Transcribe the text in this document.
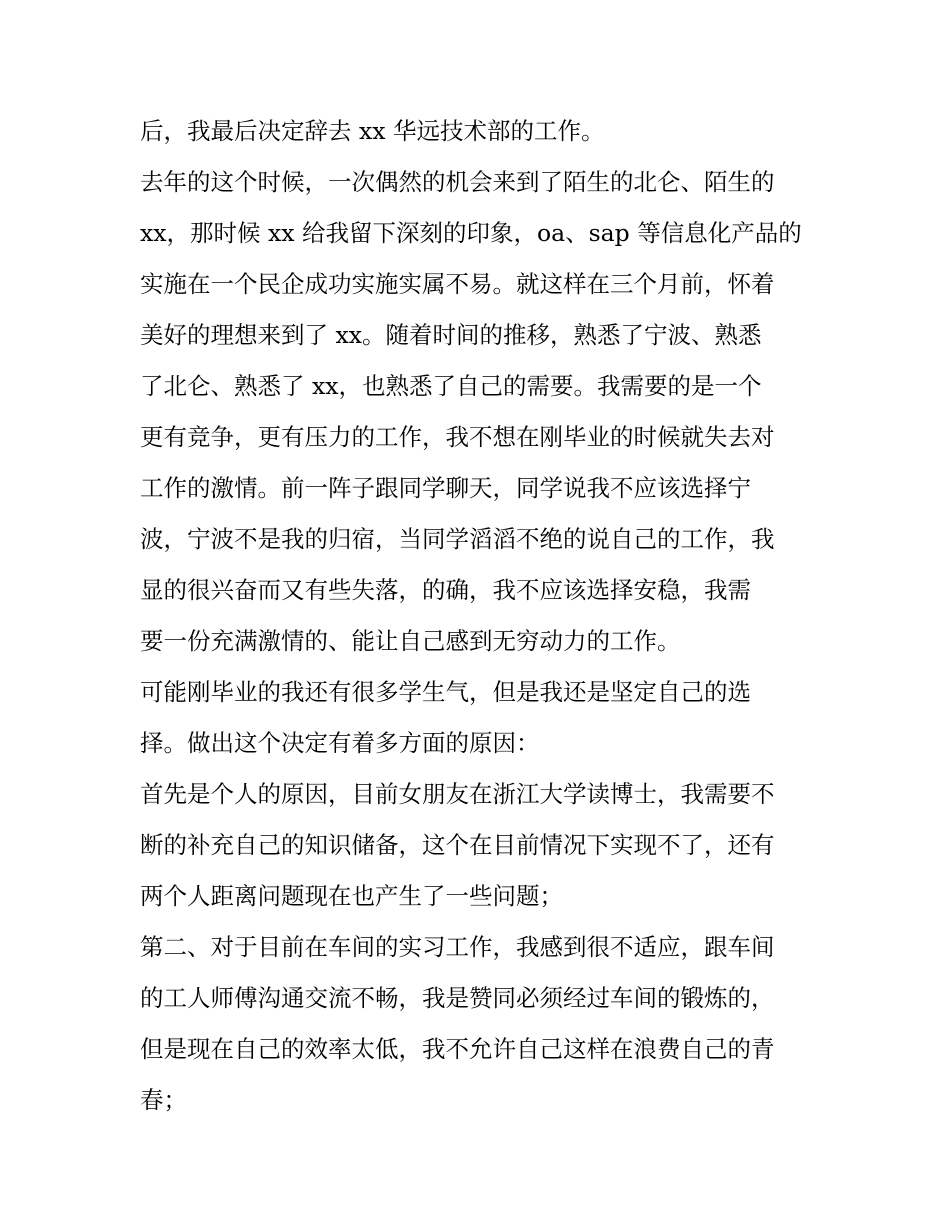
后，我最后决定辞去 xx 华远技术部的工作。
去年的这个时候，一次偶然的机会来到了陌生的北仑、陌生的
xx，那时候 xx 给我留下深刻的印象，oa、sap 等信息化产品的
实施在一个民企成功实施实属不易。就这样在三个月前，怀着
美好的理想来到了 xx。随着时间的推移，熟悉了宁波、熟悉
了北仑、熟悉了 xx，也熟悉了自己的需要。我需要的是一个
更有竞争，更有压力的工作，我不想在刚毕业的时候就失去对
工作的激情。前一阵子跟同学聊天，同学说我不应该选择宁
波，宁波不是我的归宿，当同学滔滔不绝的说自己的工作，我
显的很兴奋而又有些失落，的确，我不应该选择安稳，我需
要一份充满激情的、能让自己感到无穷动力的工作。
可能刚毕业的我还有很多学生气，但是我还是坚定自己的选
择。做出这个决定有着多方面的原因：
首先是个人的原因，目前女朋友在浙江大学读博士，我需要不
断的补充自己的知识储备，这个在目前情况下实现不了，还有
两个人距离问题现在也产生了一些问题；
第二、对于目前在车间的实习工作，我感到很不适应，跟车间
的工人师傅沟通交流不畅，我是赞同必须经过车间的锻炼的，
但是现在自己的效率太低，我不允许自己这样在浪费自己的青
春；
